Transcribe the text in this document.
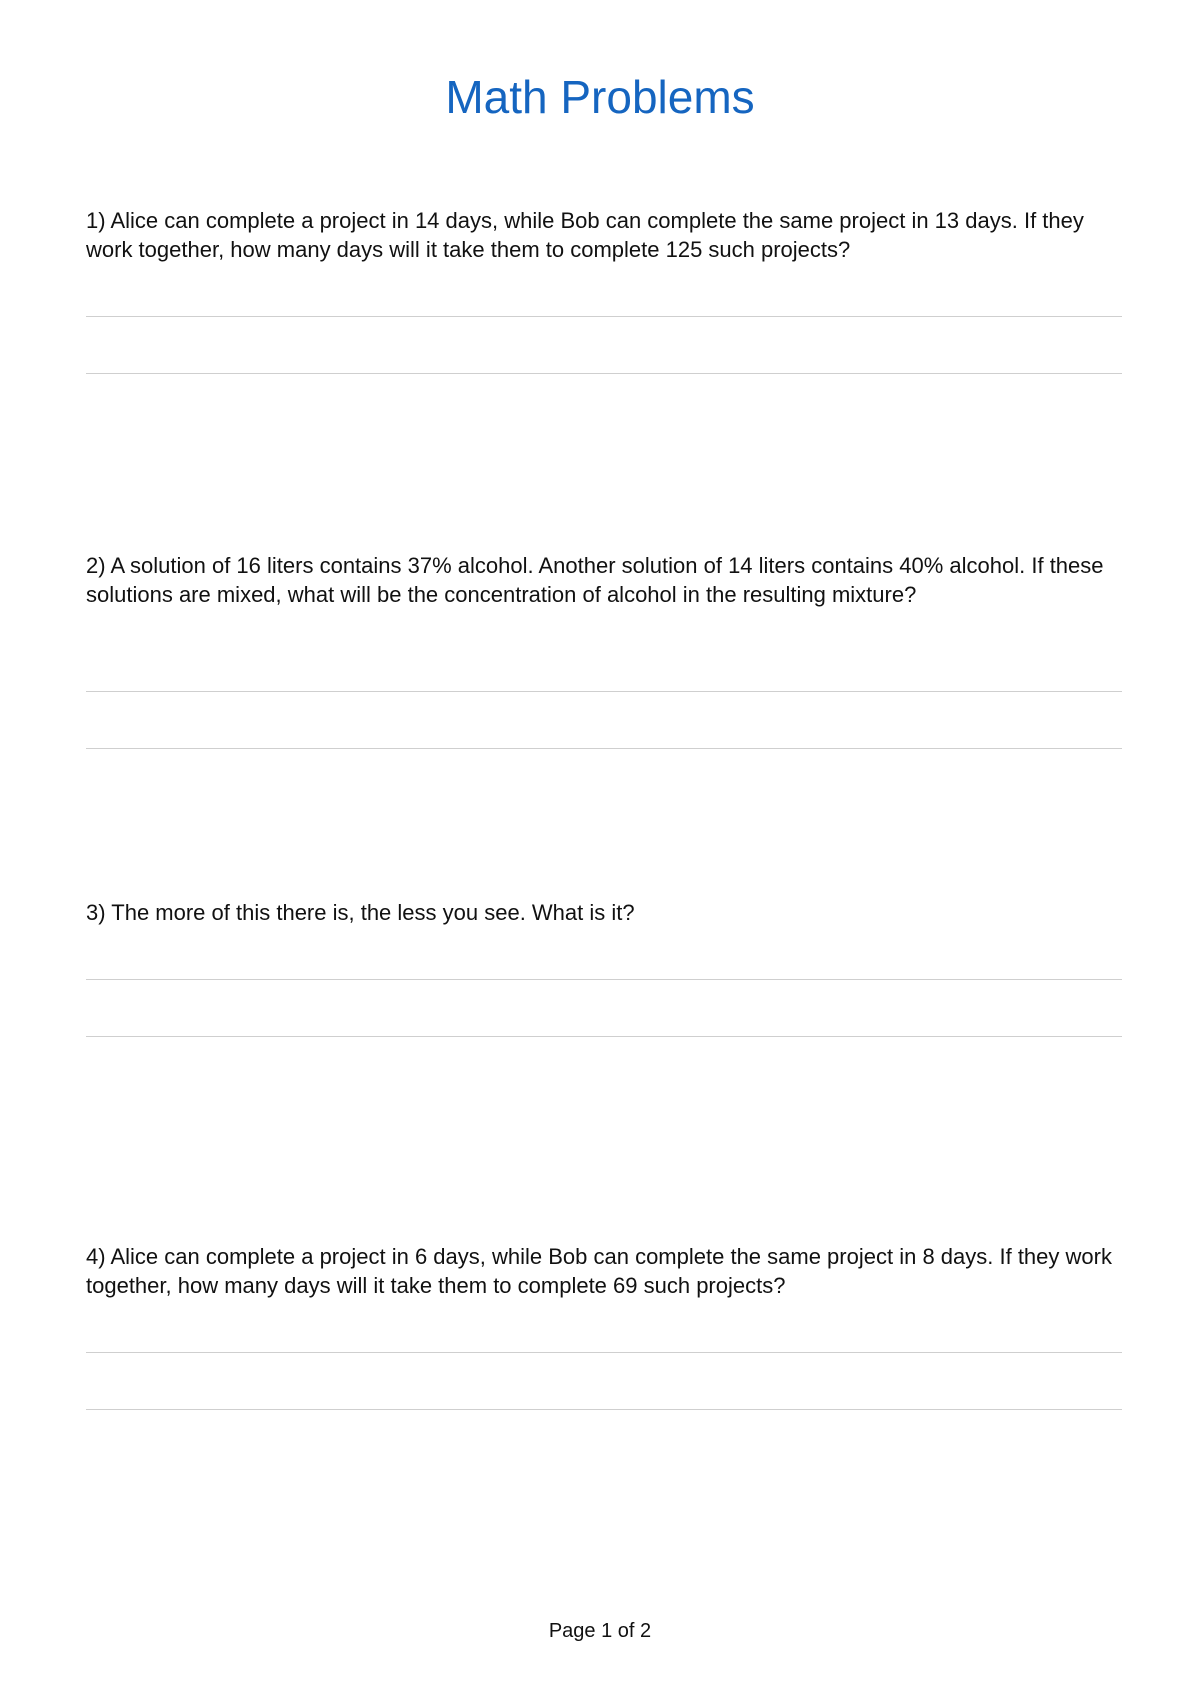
Math Problems

1) Alice can complete a project in 14 days, while Bob can complete the same project in 13 days. If they work together, how many days will it take them to complete 125 such projects?

2) A solution of 16 liters contains 37% alcohol. Another solution of 14 liters contains 40% alcohol. If these solutions are mixed, what will be the concentration of alcohol in the resulting mixture?

3) The more of this there is, the less you see. What is it?

4) Alice can complete a project in 6 days, while Bob can complete the same project in 8 days. If they work together, how many days will it take them to complete 69 such projects?

Page 1 of 2
